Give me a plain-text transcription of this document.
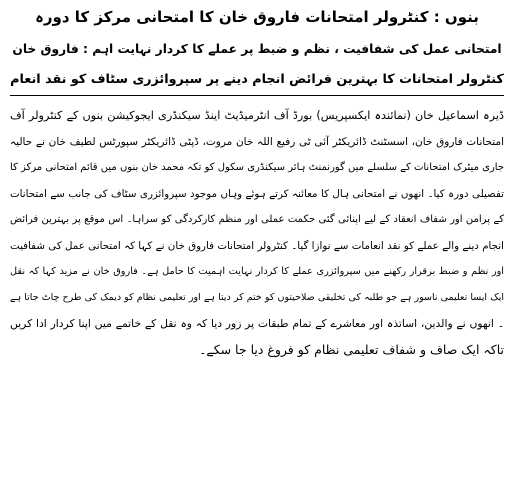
بنوں : کنٹرولر امتحانات فاروق خان کا امتحانی مرکز کا دورہ
امتحانی عمل کی شفافیت ، نظم و ضبط پر عملے کا کردار نہایت اہم : فاروق خان
کنٹرولر امتحانات کا بہترین فرائض انجام دینے پر سپروائزری سٹاف کو نقد انعام
ڈیرہ اسماعیل خان (نمائندہ ایکسپریس) بورڈ آف انٹرمیڈیٹ اینڈ سیکنڈری ایجوکیشن بنوں کے کنٹرولر آف
امتحانات فاروق خان، اسسٹنٹ ڈائریکٹر آئی ٹی رفیع اللہ خان مروت، ڈپٹی ڈائریکٹر سپورٹس لطیف خان نے حالیہ
جاری میٹرک امتحانات کے سلسلے میں گورنمنٹ ہائر سیکنڈری سکول کو تکہ محمد خان بنوں میں قائم امتحانی مرکز کا
تفصیلی دورہ کیا۔ انھوں نے امتحانی ہال کا معائنہ کرتے ہوئے وہاں موجود سپروائزری سٹاف کی جانب سے امتحانات
کے پرامن اور شفاف انعقاد کے لیے اپنائی گئی حکمت عملی اور منظم کارکردگی کو سراہا۔ اس موقع پر بہترین فرائض
انجام دینے والے عملے کو نقد انعامات سے نوازا گیا۔ کنٹرولر امتحانات فاروق خان نے کہا کہ امتحانی عمل کی شفافیت
اور نظم و ضبط برقرار رکھنے میں سپروائزری عملے کا کردار نہایت اہمیت کا حامل ہے۔ فاروق خان نے مزید کہا کہ نقل
ایک ایسا تعلیمی ناسور ہے جو طلبہ کی تخلیقی صلاحیتوں کو ختم کر دیتا ہے اور تعلیمی نظام کو دیمک کی طرح چاٹ جاتا ہے
۔ انھوں نے والدین، اساتذہ اور معاشرے کے تمام طبقات پر زور دیا کہ وہ نقل کے خاتمے میں اپنا کردار ادا کریں
تاکہ ایک صاف و شفاف تعلیمی نظام کو فروغ دیا جا سکے۔
